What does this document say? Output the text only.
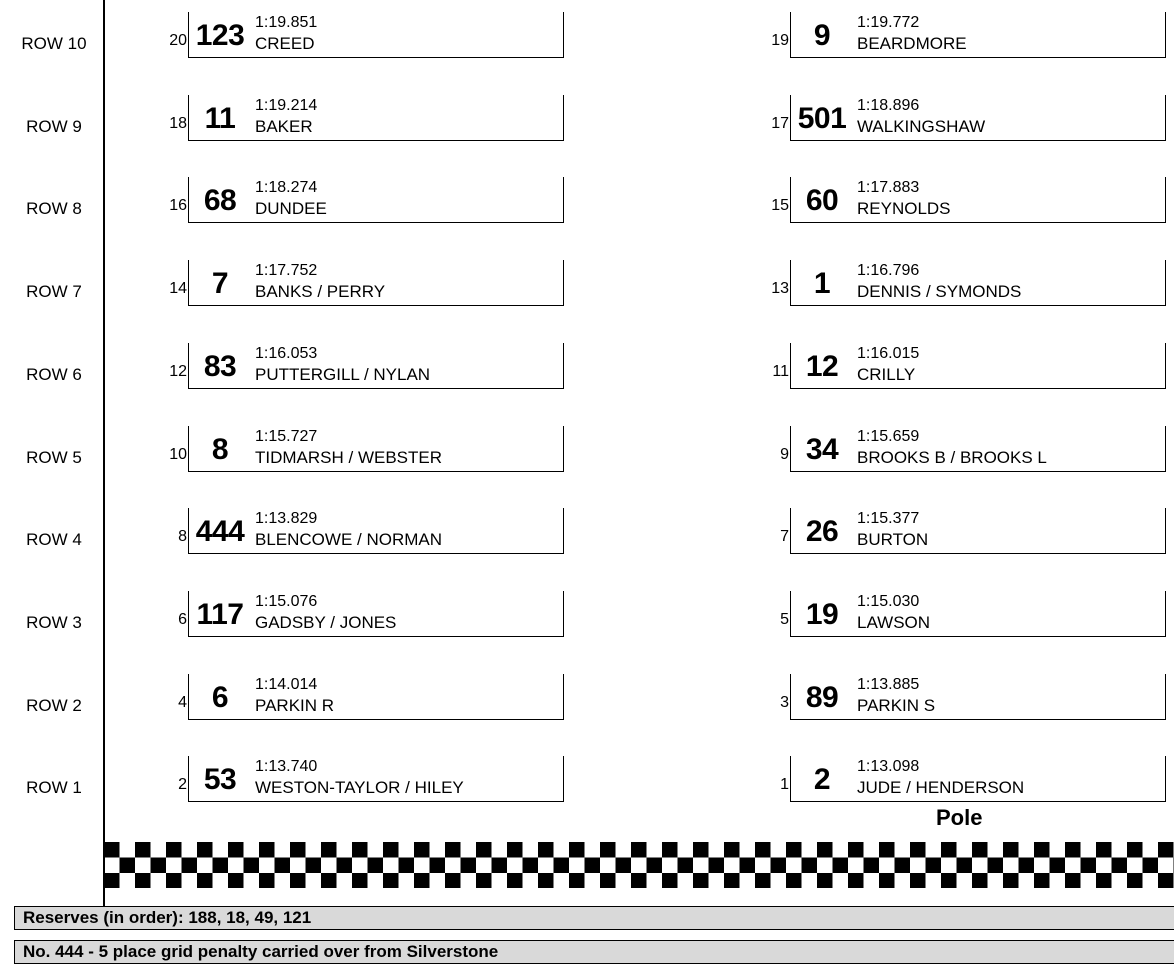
ROW 10	20 123 1:19.851
CREED	19 9	1:19.772
BEARDMORE
ROW 9	18 11	1:19.214
BAKER	17 501 1:18.896
WALKINGSHAW
ROW 8	16 68	1:18.274
DUNDEE	15 60	1:17.883
REYNOLDS
ROW 7	14 7	1:17.752
BANKS / PERRY	13 1	1:16.796
DENNIS / SYMONDS
ROW 6	12 83	1:16.053
PUTTERGILL / NYLAN	11 12	1:16.015
CRILLY
ROW 5	10 8	1:15.727
TIDMARSH / WEBSTER	9 34	1:15.659
BROOKS B / BROOKS L
ROW 4	8 444 1:13.829
BLENCOWE / NORMAN	7 26	1:15.377
BURTON
ROW 3	6 117 1:15.076
GADSBY / JONES	5 19	1:15.030
LAWSON
ROW 2	4 6	1:14.014
PARKIN R	3 89	1:13.885
PARKIN S
ROW 1	2 53	1:13.740
WESTON-TAYLOR / HILEY	1 2	1:13.098
JUDE / HENDERSON
Pole
Reserves (in order): 188, 18, 49, 121
No. 444 - 5 place grid penalty carried over from Silverstone
